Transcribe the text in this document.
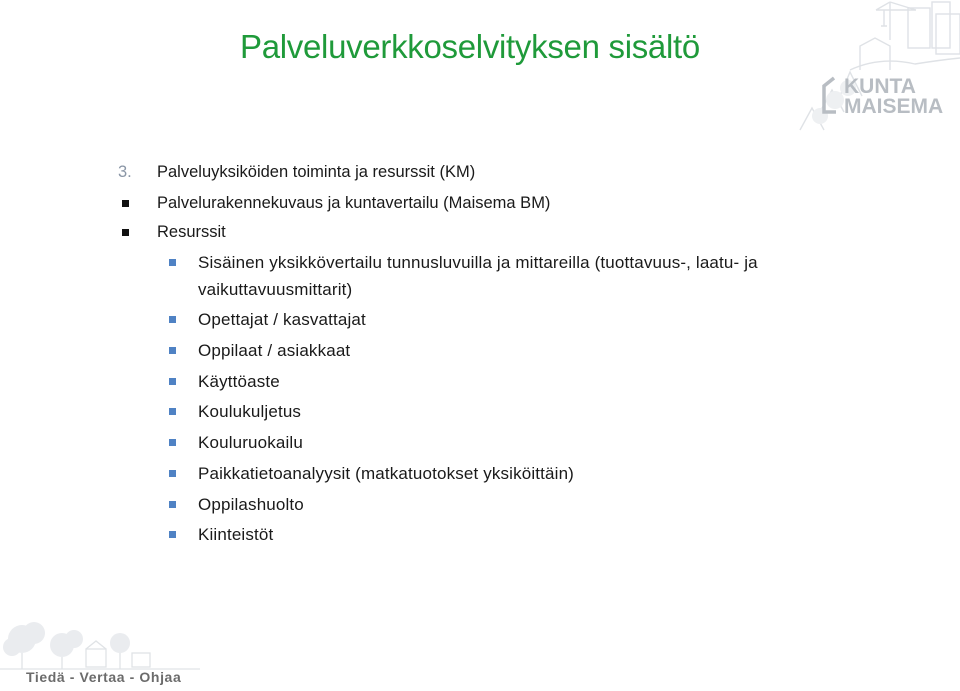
Palveluverkkoselvityksen sisältö
KUNTA
MAISEMA
3. Palveluyksiköiden toiminta ja resurssit (KM)
Palvelurakennekuvaus ja kuntavertailu (Maisema BM)
Resurssit
Sisäinen yksikkövertailu tunnusluvuilla ja mittareilla (tuottavuus-, laatu- ja
vaikuttavuusmittarit)
Opettajat / kasvattajat
Oppilaat / asiakkaat
Käyttöaste
Koulukuljetus
Kouluruokailu
Paikkatietoanalyysit (matkatuotokset yksiköittäin)
Oppilashuolto
Kiinteistöt
Tiedä - Vertaa - Ohjaa
